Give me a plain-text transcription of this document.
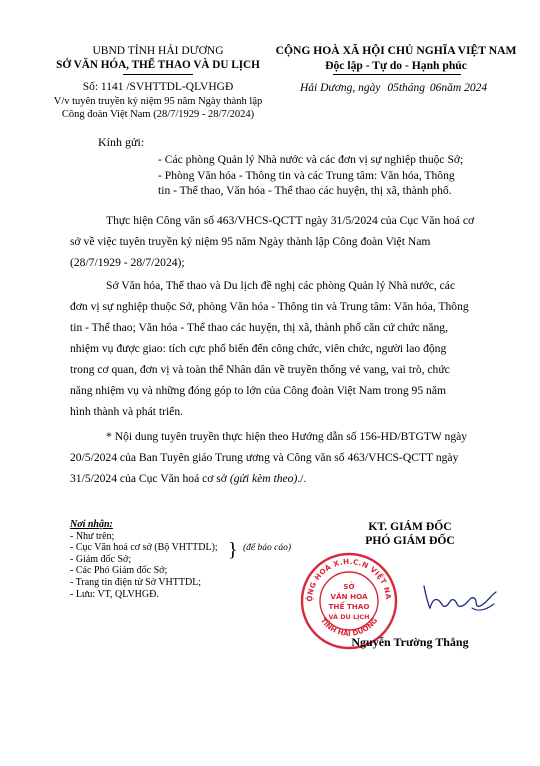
UBND TỈNH HẢI DƯƠNG
SỞ VĂN HÓA, THỂ THAO VÀ DU LỊCH
Số: 1141 /SVHTTDL-QLVHGĐ
V/v tuyên truyền kỷ niệm 95 năm Ngày thành lập
Công đoàn Việt Nam (28/7/1929 - 28/7/2024)
CỘNG HOÀ XÃ HỘI CHỦ NGHĨA VIỆT NAM
Độc lập - Tự do - Hạnh phúc
Hải Dương, ngày 05tháng 06năm 2024
Kính gửi:
- Các phòng Quản lý Nhà nước và các đơn vị sự nghiệp thuộc Sở;
- Phòng Văn hóa - Thông tin và các Trung tâm: Văn hóa, Thông
tin - Thể thao, Văn hóa - Thể thao các huyện, thị xã, thành phố.
Thực hiện Công văn số 463/VHCS-QCTT ngày 31/5/2024 của Cục Văn hoá cơ
sở về việc tuyên truyền kỷ niệm 95 năm Ngày thành lập Công đoàn Việt Nam
(28/7/1929 - 28/7/2024);
Sở Văn hóa, Thể thao và Du lịch đề nghị các phòng Quản lý Nhà nước, các
đơn vị sự nghiệp thuộc Sở, phòng Văn hóa - Thông tin và Trung tâm: Văn hóa, Thông
tin - Thể thao; Văn hóa - Thể thao các huyện, thị xã, thành phố căn cứ chức năng,
nhiệm vụ được giao: tích cực phổ biến đến công chức, viên chức, người lao động
trong cơ quan, đơn vị và toàn thể Nhân dân về truyền thống vẻ vang, vai trò, chức
năng nhiệm vụ và những đóng góp to lớn của Công đoàn Việt Nam trong 95 năm
hình thành và phát triển.
* Nội dung tuyên truyền thực hiện theo Hướng dẫn số 156-HD/BTGTW ngày
20/5/2024 của Ban Tuyên giáo Trung ương và Công văn số 463/VHCS-QCTT ngày
31/5/2024 của Cục Văn hoá cơ sở (gửi kèm theo)./.
Nơi nhận:
- Như trên;
- Cục Văn hoá cơ sở (Bộ VHTTDL);
- Giám đốc Sở;
- Các Phó Giám đốc Sở;
- Trang tin điện tử Sở VHTTDL;
- Lưu: VT, QLVHGĐ.
} (để báo cáo)
KT. GIÁM ĐỐC
PHÓ GIÁM ĐỐC
ỘNG HOÀ X.H.C.N VIỆT NA
TỈNH HẢI DƯƠNG
SỞ
VĂN HOÁ
THỂ THAO
VÀ DU LỊCH
Nguyễn Trường Thắng
